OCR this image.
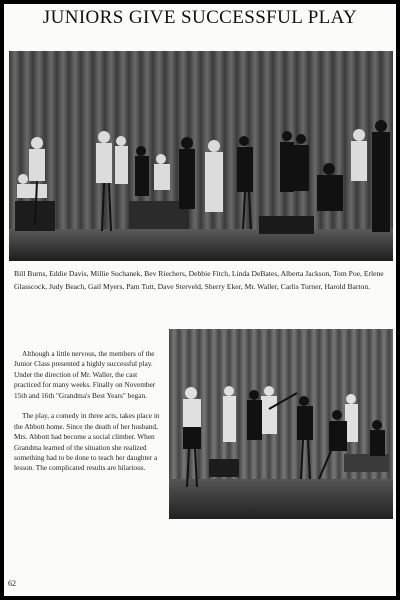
JUNIORS GIVE SUCCESSFUL PLAY

Bill Burns, Eddie Davis, Millie Suchanek, Bev Riechers, Debbie Fitch, Linda DeBates, Alberta Jackson, Tom Poe, Erlene Glasscock, Judy Beach, Gail Myers, Pam Tutt, Dave Sterveld, Sherry Eker, Mr. Waller, Carlis Turner, Harold Barton.

Although a little nervous, the members of the Junior Class presented a highly successful play. Under the direction of Mr. Waller, the cast practiced for many weeks. Finally on November 15th and 16th "Grandma's Best Years" began.

The play, a comedy in three acts, takes place in the Abbott home. Since the death of her husband, Mrs. Abbott had become a social climber. When Grandma learned of the situation she realized something had to be done to teach her daughter a lesson. The complicated results are hilarious.

62
